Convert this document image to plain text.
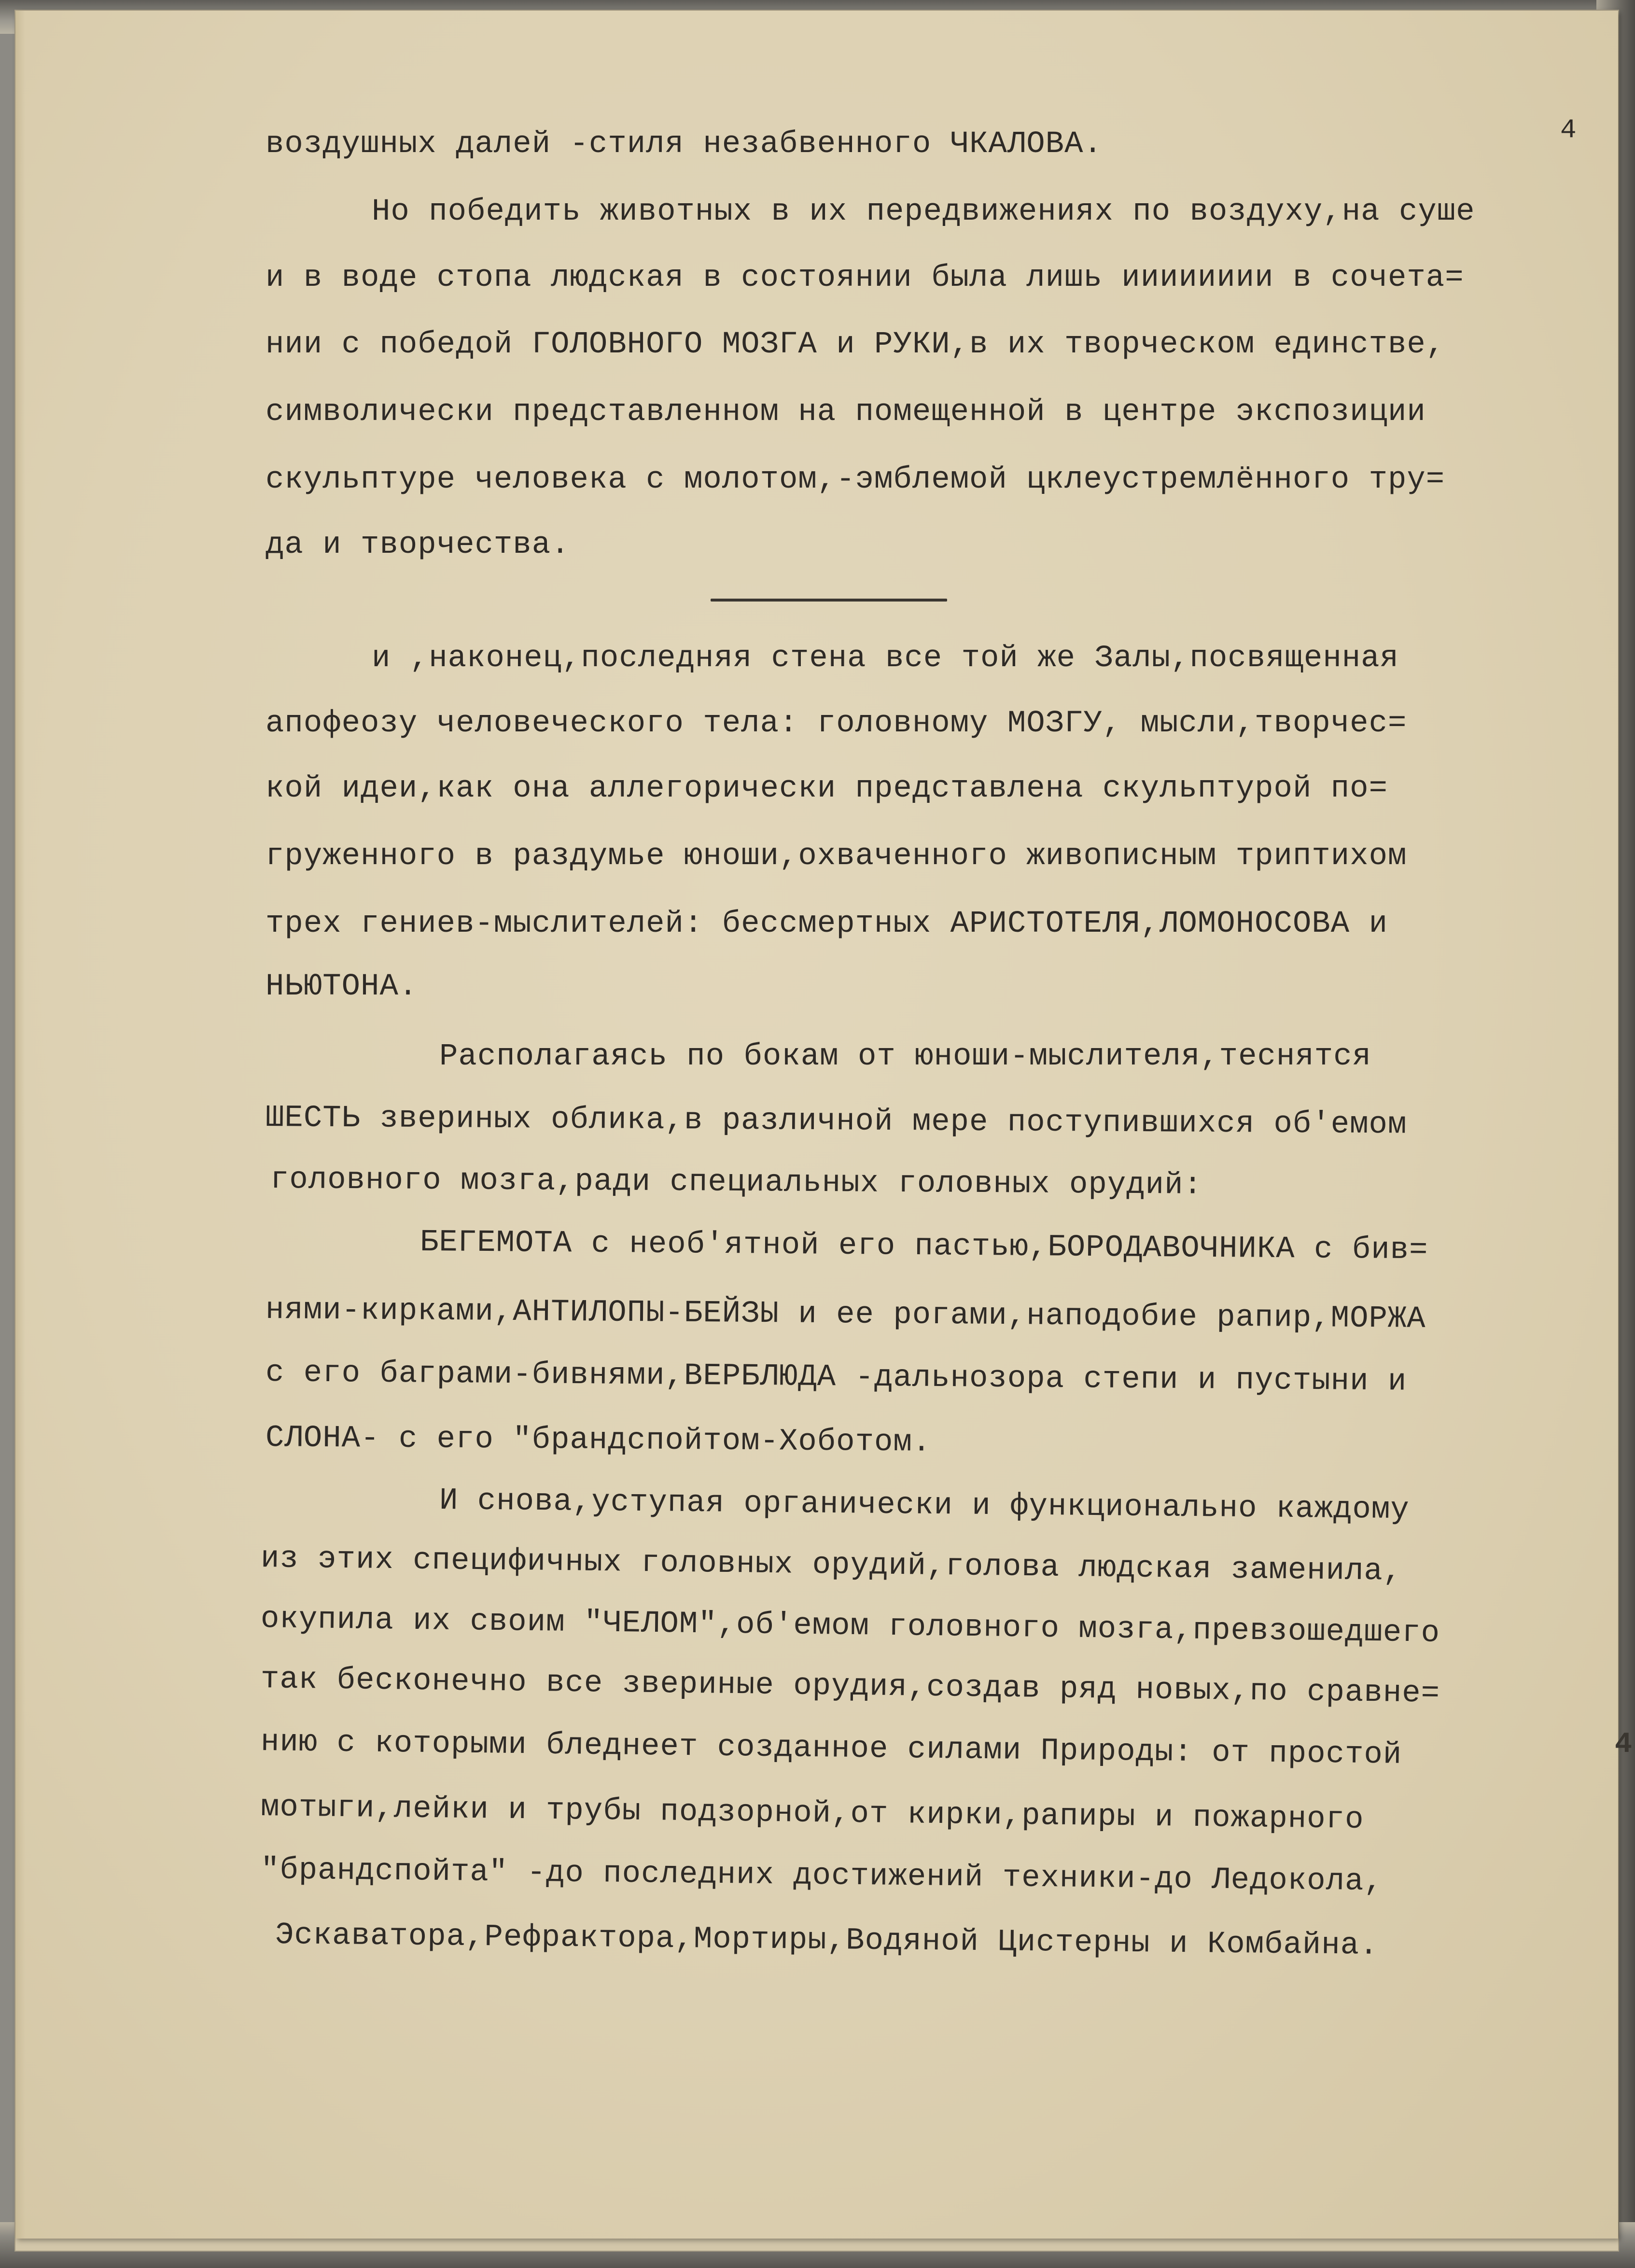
4
воздушных далей -стиля незабвенного ЧКАЛОВА.
Но победить животных в их передвижениях по воздуху,на суше
и в воде стопа людская в состоянии была лишь ииииииии в сочета=
нии с победой ГОЛОВНОГО МОЗГА и РУКИ,в их творческом единстве,
символически представленном на помещенной в центре экспозиции
скульптуре человека с молотом,-эмблемой цклеустремлённого тру=
да и творчества.
и ,наконец,последняя стена все той же Залы,посвященная
апофеозу человеческого тела: головному МОЗГУ, мысли,творчес=
кой идеи,как она аллегорически представлена скульптурой по=
груженного в раздумье юноши,охваченного живописным триптихом
трех гениев-мыслителей: бессмертных АРИСТОТЕЛЯ,ЛОМОНОСОВА и
НЬЮТОНА.
Располагаясь по бокам от юноши-мыслителя,теснятся
ШЕСТЬ звериных облика,в различной мере поступившихся об'емом
головного мозга,ради специальных головных орудий:
БЕГЕМОТА с необ'ятной его пастью,БОРОДАВОЧНИКА с бив=
нями-кирками,АНТИЛОПЫ-БЕЙЗЫ и ее рогами,наподобие рапир,МОРЖА
с его баграми-бивнями,ВЕРБЛЮДА -дальнозора степи и пустыни и
СЛОНА- с его "брандспойтом-Хоботом.
И снова,уступая органически и функционально каждому
из этих специфичных головных орудий,голова людская заменила,
окупила их своим "ЧЕЛОМ",об'емом головного мозга,превзошедшего
так бесконечно все звериные орудия,создав ряд новых,по сравне=
нию с которыми бледнеет созданное силами Природы: от простой
мотыги,лейки и трубы подзорной,от кирки,рапиры и пожарного
"брандспойта" -до последних достижений техники-до Ледокола,
Эскаватора,Рефрактора,Мортиры,Водяной Цистерны и Комбайна.
4
